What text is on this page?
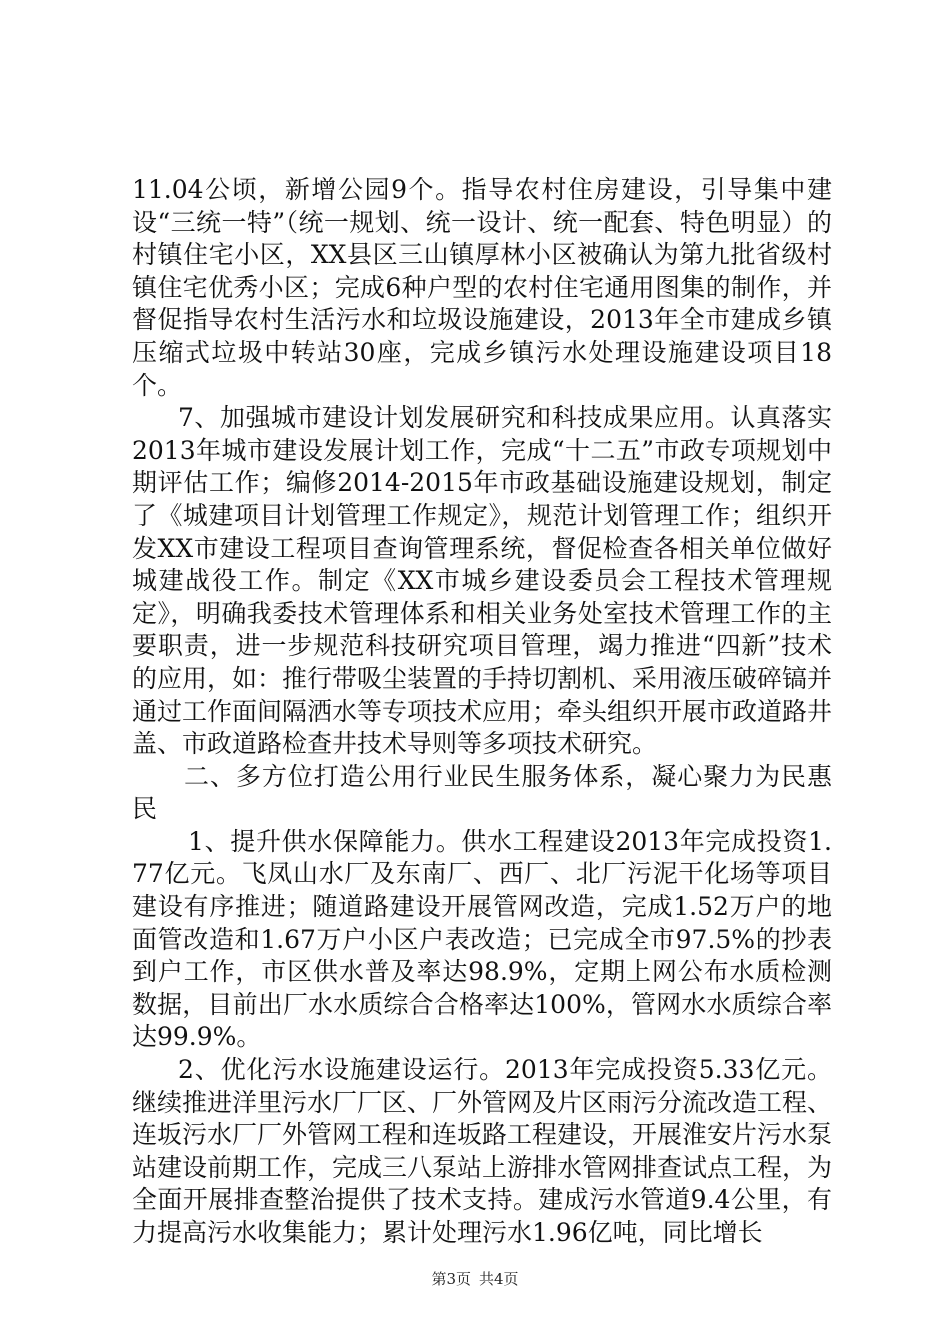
11.04公顷，新增公园9个。指导农村住房建设，引导集中建设“三统一特”（统一规划、统一设计、统一配套、特色明显）的村镇住宅小区，XX县区三山镇厚林小区被确认为第九批省级村镇住宅优秀小区；完成6种户型的农村住宅通用图集的制作，并督促指导农村生活污水和垃圾设施建设，2013年全市建成乡镇压缩式垃圾中转站30座，完成乡镇污水处理设施建设项目18个。

7、加强城市建设计划发展研究和科技成果应用。认真落实2013年城市建设发展计划工作，完成“十二五”市政专项规划中期评估工作；编修2014-2015年市政基础设施建设规划，制定了《城建项目计划管理工作规定》，规范计划管理工作；组织开发XX市建设工程项目查询管理系统，督促检查各相关单位做好城建战役工作。制定《XX市城乡建设委员会工程技术管理规定》，明确我委技术管理体系和相关业务处室技术管理工作的主要职责，进一步规范科技研究项目管理，竭力推进“四新”技术的应用，如：推行带吸尘装置的手持切割机、采用液压破碎镐并通过工作面间隔洒水等专项技术应用；牵头组织开展市政道路井盖、市政道路检查井技术导则等多项技术研究。

二、多方位打造公用行业民生服务体系，凝心聚力为民惠民

1、提升供水保障能力。供水工程建设2013年完成投资1.77亿元。飞凤山水厂及东南厂、西厂、北厂污泥干化场等项目建设有序推进；随道路建设开展管网改造，完成1.52万户的地面管改造和1.67万户小区户表改造；已完成全市97.5%的抄表到户工作，市区供水普及率达98.9%，定期上网公布水质检测数据，目前出厂水水质综合合格率达100%，管网水水质综合率达99.9%。

2、优化污水设施建设运行。2013年完成投资5.33亿元。继续推进洋里污水厂厂区、厂外管网及片区雨污分流改造工程、连坂污水厂厂外管网工程和连坂路工程建设，开展淮安片污水泵站建设前期工作，完成三八泵站上游排水管网排查试点工程，为全面开展排查整治提供了技术支持。建成污水管道9.4公里，有力提高污水收集能力；累计处理污水1.96亿吨，同比增长

第3页 共4页
